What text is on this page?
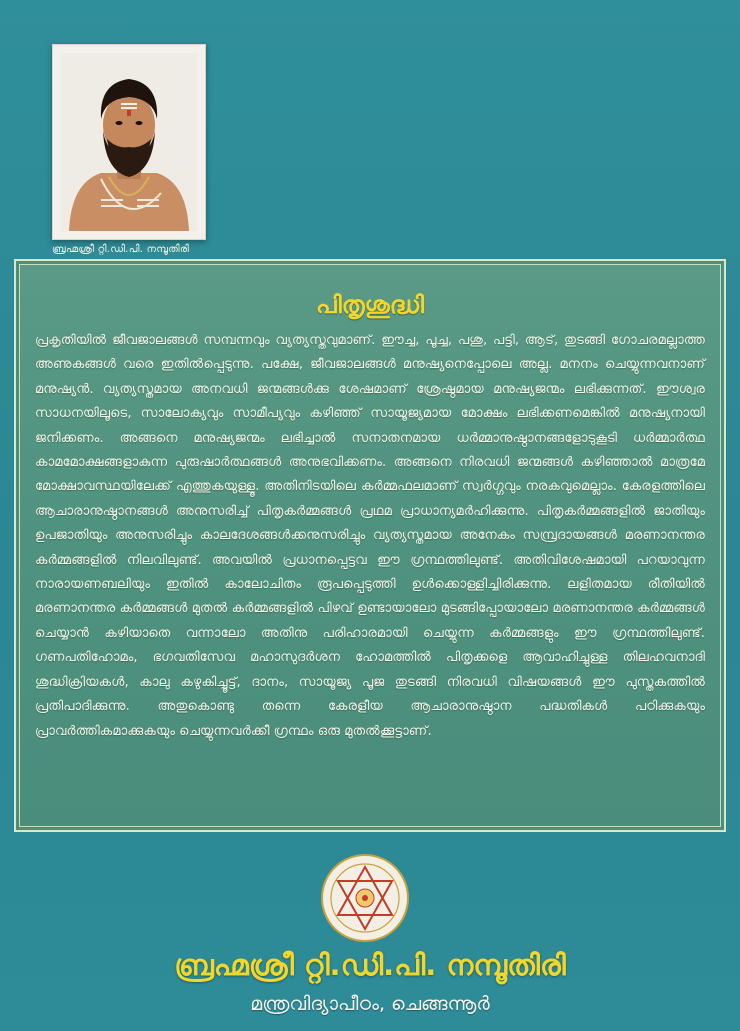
ബ്രഹ്മശ്രീ റ്റി.ഡി.പി. നമ്പൂതിരി
പിതൃശുദ്ധി
പ്രകൃതിയിൽ ജീവജാലങ്ങൾ സമ്പന്നവും വ്യത്യസ്തവുമാണ്. ഈച്ച, പൂച്ച, പശു, പട്ടി, ആട്, തുടങ്ങി ഗോചരമല്ലാത്ത അണുകങ്ങൾ വരെ ഇതിൽപ്പെടുന്നു. പക്ഷേ, ജീവജാലങ്ങൾ മനുഷ്യനെപ്പോലെ അല്ല. മനനം ചെയ്യുന്നവനാണ് മനുഷ്യൻ. വ്യത്യസ്തമായ അനവധി ജന്മങ്ങൾക്കു ശേഷമാണ് ശ്രേഷ്ഠമായ മനുഷ്യജന്മം ലഭിക്കുന്നത്. ഈശ്വര സാധനയിലൂടെ, സാലോക്യവും സാമീപ്യവും കഴിഞ്ഞ് സായൂജ്യമായ മോക്ഷം ലഭിക്കണമെങ്കിൽ മനുഷ്യനായി ജനിക്കണം. അങ്ങനെ മനുഷ്യജന്മം ലഭിച്ചാൽ സനാതനമായ ധർമ്മാനുഷ്ഠാനങ്ങളോടുകൂടി ധർമ്മാർത്ഥ കാമമോക്ഷങ്ങളാകുന്ന പുരുഷാർത്ഥങ്ങൾ അനുഭവിക്കണം. അങ്ങനെ നിരവധി ജന്മങ്ങൾ കഴിഞ്ഞാൽ മാത്രമേ മോക്ഷാവസ്ഥയിലേക്ക് എത്തുകയുള്ളൂ. അതിനിടയിലെ കർമ്മഫലമാണ് സ്വർഗ്ഗവും നരകവുമെല്ലാം. കേരളത്തിലെ ആചാരാനുഷ്ഠാനങ്ങൾ അനുസരിച്ച് പിതൃകർമ്മങ്ങൾ പ്രഥമ പ്രാധാന്യമർഹിക്കുന്നു. പിതൃകർമ്മങ്ങളിൽ ജാതിയും ഉപജാതിയും അനുസരിച്ചും കാലദേശങ്ങൾക്കനുസരിച്ചും വ്യത്യസ്തമായ അനേകം സമ്പ്രദായങ്ങൾ മരണാനന്തര കർമ്മങ്ങളിൽ നിലവിലുണ്ട്. അവയിൽ പ്രധാനപ്പെട്ടവ ഈ ഗ്രന്ഥത്തിലുണ്ട്. അതിവിശേഷമായി പറയാവുന്ന നാരായണബലിയും ഇതിൽ കാലോചിതം രൂപപ്പെടുത്തി ഉൾക്കൊള്ളിച്ചിരിക്കുന്നു. ലളിതമായ രീതിയിൽ മരണാനന്തര കർമ്മങ്ങൾ മുതൽ കർമ്മങ്ങളിൽ പിഴവ് ഉണ്ടായാലോ മുടങ്ങിപ്പോയാലോ മരണാനന്തര കർമ്മങ്ങൾ ചെയ്യാൻ കഴിയാതെ വന്നാലോ അതിനു പരിഹാരമായി ചെയ്യുന്ന കർമ്മങ്ങളും ഈ ഗ്രന്ഥത്തിലുണ്ട്. ഗണപതിഹോമം, ഭഗവതിസേവ മഹാസുദർശന ഹോമത്തിൽ പിതൃക്കളെ ആവാഹിച്ചുള്ള തിലഹവനാദി ശുദ്ധിക്രിയകൾ, കാലു കഴുകിച്ചൂട്ട്, ദാനം, സായൂജ്യ പൂജ തുടങ്ങി നിരവധി വിഷയങ്ങൾ ഈ പുസ്തകത്തിൽ പ്രതിപാദിക്കുന്നു. അതുകൊണ്ടു തന്നെ കേരളീയ ആചാരാനുഷ്ഠാന പദ്ധതികൾ പഠിക്കുകയും പ്രാവർത്തികമാക്കുകയും ചെയ്യുന്നവർക്കീ ഗ്രന്ഥം ഒരു മുതൽക്കൂട്ടാണ്.
ബ്രഹ്മശ്രീ റ്റി.ഡി.പി. നമ്പൂതിരി
മന്ത്രവിദ്യാപീഠം, ചെങ്ങന്നൂർ
